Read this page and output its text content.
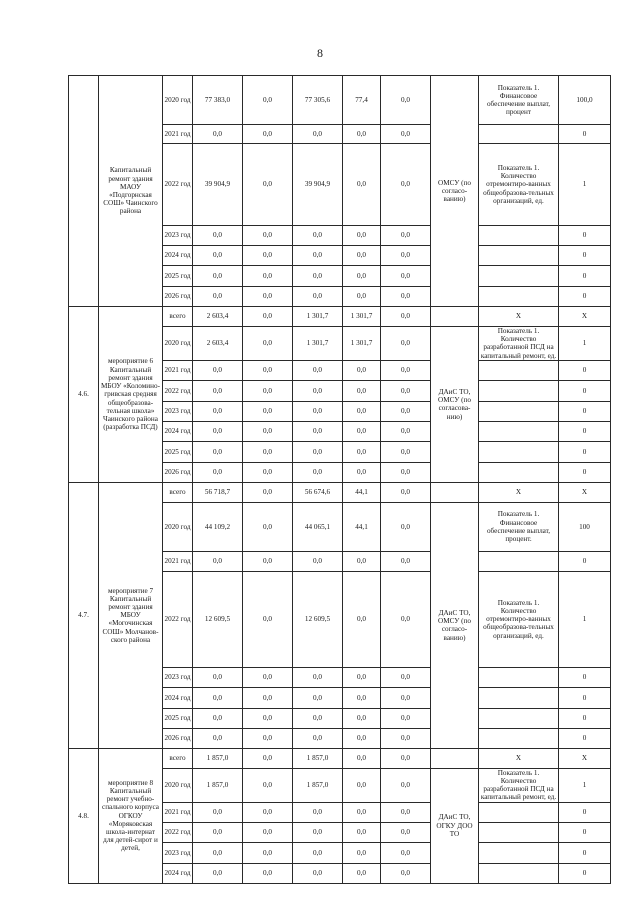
8
	Капитальный ремонт здания МАОУ «Подгорнская СОШ» Чаинского района	2020 год	77 383,0	0,0	77 305,6	77,4	0,0	ОМСУ (по согласо-ванию)	Показатель 1. Финансовое обеспечение выплат, процент	100,0
		2021 год	0,0	0,0	0,0	0,0	0,0			0
		2022 год	39 904,9	0,0	39 904,9	0,0	0,0		Показатель 1. Количество отремонтиро-ванных общеобразова-тельных организаций, ед.	1
		2023 год	0,0	0,0	0,0	0,0	0,0			0
		2024 год	0,0	0,0	0,0	0,0	0,0			0
		2025 год	0,0	0,0	0,0	0,0	0,0			0
		2026 год	0,0	0,0	0,0	0,0	0,0			0
4.6.	мероприятие 6 Капитальный ремонт здания МБОУ «Коломино-гривская средняя общеобразова-тельная школа» Чаинского района (разработка ПСД)	всего	2 603,4	0,0	1 301,7	1 301,7	0,0		Х	Х
		2020 год	2 603,4	0,0	1 301,7	1 301,7	0,0	ДАиС ТО, ОМСУ (по согласова-нию)	Показатель 1. Количество разработанной ПСД на капитальный ремонт, ед.	1
		2021 год	0,0	0,0	0,0	0,0	0,0			0
		2022 год	0,0	0,0	0,0	0,0	0,0			0
		2023 год	0,0	0,0	0,0	0,0	0,0			0
		2024 год	0,0	0,0	0,0	0,0	0,0			0
		2025 год	0,0	0,0	0,0	0,0	0,0			0
		2026 год	0,0	0,0	0,0	0,0	0,0			0
4.7.	мероприятие 7 Капитальный ремонт здания МБОУ «Могочинская СОШ» Молчанов-ского района	всего	56 718,7	0,0	56 674,6	44,1	0,0		Х	Х
		2020 год	44 109,2	0,0	44 065,1	44,1	0,0	ДАиС ТО, ОМСУ (по согласо-ванию)	Показатель 1. Финансовое обеспечение выплат, процент.	100
		2021 год	0,0	0,0	0,0	0,0	0,0			0
		2022 год	12 609,5	0,0	12 609,5	0,0	0,0		Показатель 1. Количество отремонтиро-ванных общеобразова-тельных организаций, ед.	1
		2023 год	0,0	0,0	0,0	0,0	0,0			0
		2024 год	0,0	0,0	0,0	0,0	0,0			0
		2025 год	0,0	0,0	0,0	0,0	0,0			0
		2026 год	0,0	0,0	0,0	0,0	0,0			0
4.8.	мероприятие 8 Капитальный ремонт учебно-спального корпуса ОГКОУ «Моряковская школа-интернат для детей-сирот и детей,	всего	1 857,0	0,0	1 857,0	0,0	0,0		Х	Х
		2020 год	1 857,0	0,0	1 857,0	0,0	0,0	ДАиС ТО, ОГКУ ДОО ТО	Показатель 1. Количество разработанной ПСД на капитальный ремонт, ед.	1
		2021 год	0,0	0,0	0,0	0,0	0,0			0
		2022 год	0,0	0,0	0,0	0,0	0,0			0
		2023 год	0,0	0,0	0,0	0,0	0,0			0
		2024 год	0,0	0,0	0,0	0,0	0,0			0
